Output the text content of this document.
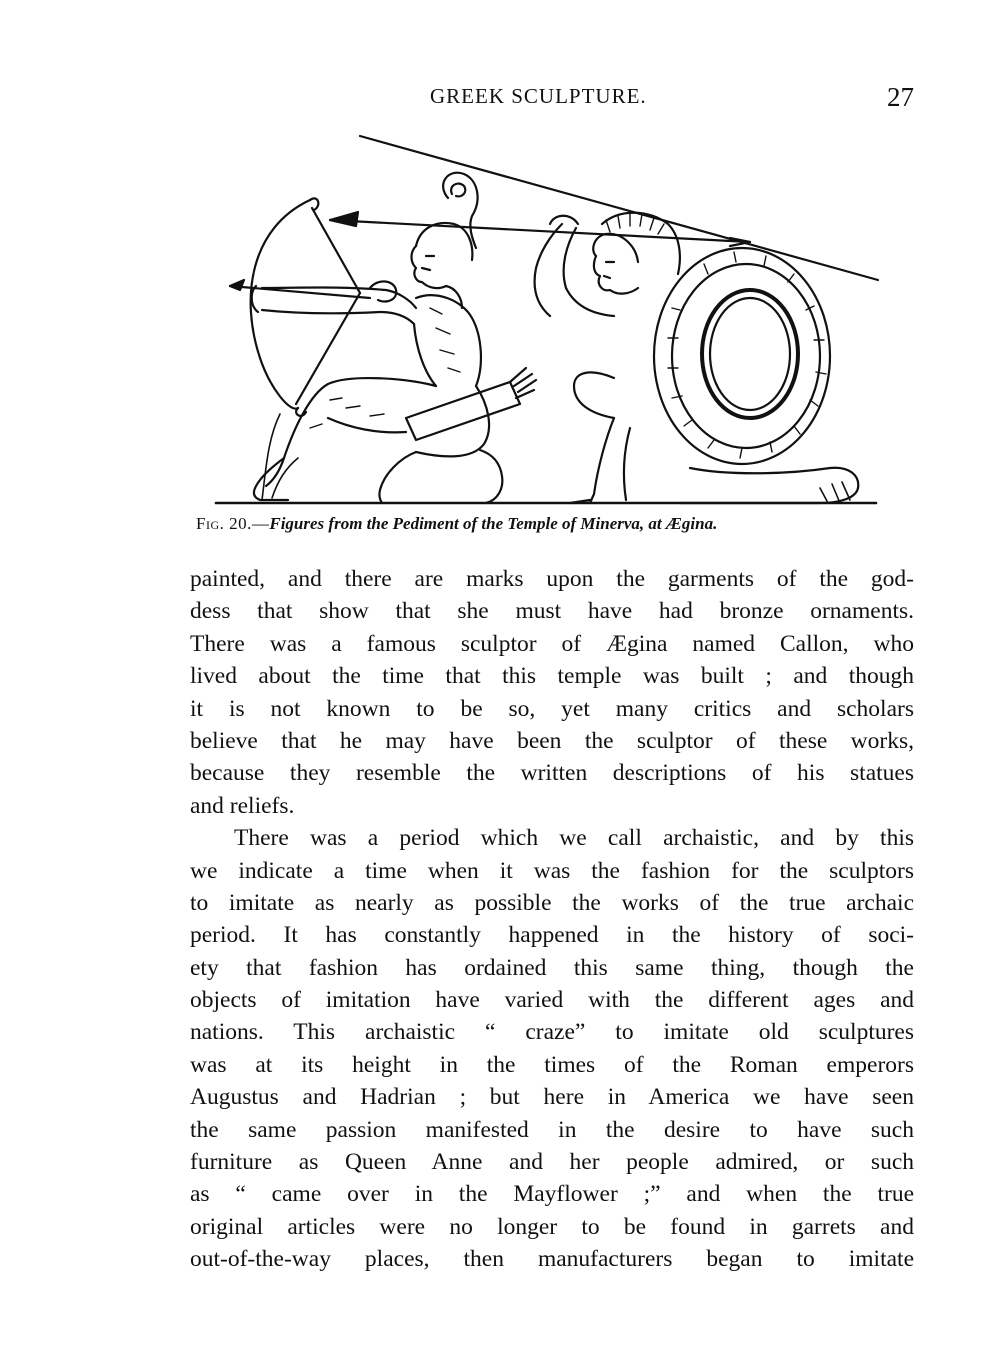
GREEK SCULPTURE.	27
Fig. 20.—Figures from the Pediment of the Temple of Minerva, at Ægina.
painted, and there are marks upon the garments of the god-
dess that show that she must have had bronze ornaments.
There was a famous sculptor of Ægina named Callon, who
lived about the time that this temple was built ; and though
it is not known to be so, yet many critics and scholars
believe that he may have been the sculptor of these works,
because they resemble the written descriptions of his statues
and reliefs.
There was a period which we call archaistic, and by this
we indicate a time when it was the fashion for the sculptors
to imitate as nearly as possible the works of the true archaic
period. It has constantly happened in the history of soci-
ety that fashion has ordained this same thing, though the
objects of imitation have varied with the different ages and
nations. This archaistic “ craze” to imitate old sculptures
was at its height in the times of the Roman emperors
Augustus and Hadrian ; but here in America we have seen
the same passion manifested in the desire to have such
furniture as Queen Anne and her people admired, or such
as “ came over in the Mayflower ;” and when the true
original articles were no longer to be found in garrets and
out-of-the-way places, then manufacturers began to imitate
